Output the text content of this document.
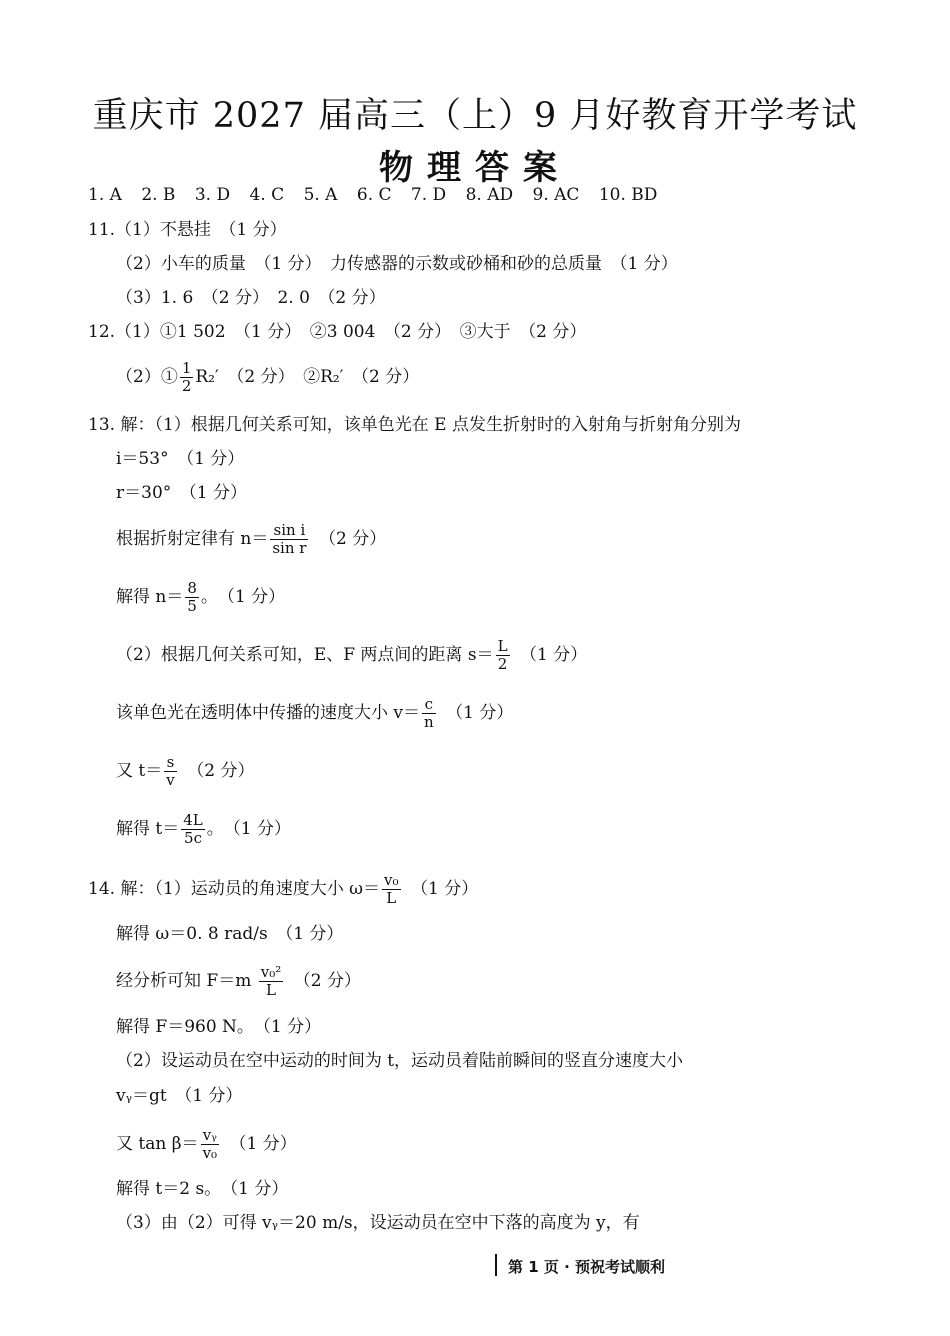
重庆市 2027 届高三（上）9 月好教育开学考试
物理答案
1. A 2. B 3. D 4. C 5. A 6. C 7. D 8. AD 9. AC 10. BD
11.（1）不悬挂　（1 分）
（2）小车的质量　（1 分）　力传感器的示数或砂桶和砂的总质量　（1 分）
（3）1. 6　（2 分）　2. 0　（2 分）
12.（1）①1 502　（1 分）　②3 004　（2 分）　③大于　（2 分）
（2）① $\frac{1}{2} R_2'$　（2 分）　②R₂′　（2 分）
13. 解：（1）根据几何关系可知，该单色光在 E 点发生折射时的入射角与折射角分别为
i＝53°　（1 分）
r＝30°　（1 分）
根据折射定律有 $n= \frac{\text{sin i}}{\text{sin r}}$ 　（2 分）
解得 $n= \frac{8}{5}$ 。　（1 分）
（2）根据几何关系可知，E、F 两点间的距离 $s= \frac{L}{2}$ 　（1 分）
该单色光在透明体中传播的速度大小 $v= \frac{c}{n}$ 　（1 分）
又 $t= \frac{s}{v}$ 　（2 分）
解得 $t= \frac{4L}{5c}$ 。　（1 分）
14. 解：（1）运动员的角速度大小 $\omega= \frac{\text{v₀}}{L}$ 　（1 分）
解得 ω＝0. 8 rad/s　（1 分）
经分析可知 $F=m \frac{\text{v₀²}}{L}$ 　（2 分）
解得 F＝960 N。　（1 分）
（2）设运动员在空中运动的时间为 t，运动员着陆前瞬间的竖直分速度大小
vᵧ＝gt　（1 分）
又 $\tan \beta= \frac{\text{vᵧ}}{\text{v₀}}$ 　（1 分）
解得 t＝2 s。　（1 分）
（3）由（2）可得 vᵧ＝20 m/s，设运动员在空中下落的高度为 y，有
第 1 页 · 预祝考试顺利
